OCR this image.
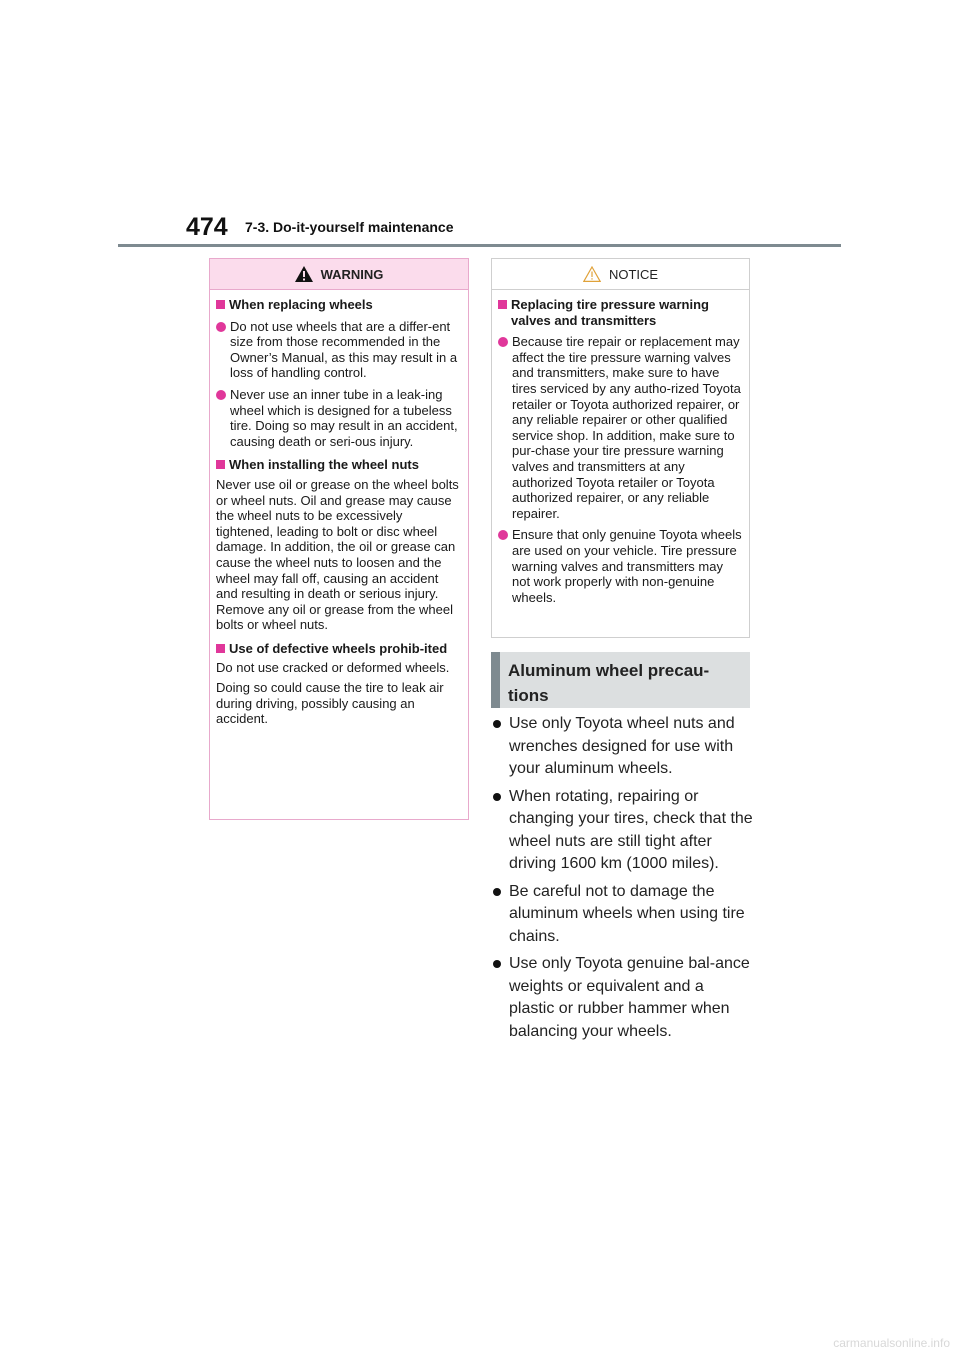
474 7-3. Do-it-yourself maintenance
WARNING
When replacing wheels
Do not use wheels that are a differ-ent size from those recommended in the Owner’s Manual, as this may result in a loss of handling control.
Never use an inner tube in a leak-ing wheel which is designed for a tubeless tire. Doing so may result in an accident, causing death or seri-ous injury.
When installing the wheel nuts
Never use oil or grease on the wheel bolts or wheel nuts. Oil and grease may cause the wheel nuts to be excessively tightened, leading to bolt or disc wheel damage. In addition, the oil or grease can cause the wheel nuts to loosen and the wheel may fall off, causing an accident and resulting in death or serious injury. Remove any oil or grease from the wheel bolts or wheel nuts.
Use of defective wheels prohib-ited
Do not use cracked or deformed wheels.
Doing so could cause the tire to leak air during driving, possibly causing an accident.
NOTICE
Replacing tire pressure warning valves and transmitters
Because tire repair or replacement may affect the tire pressure warning valves and transmitters, make sure to have tires serviced by any autho-rized Toyota retailer or Toyota authorized repairer, or any reliable repairer or other qualified service shop. In addition, make sure to pur-chase your tire pressure warning valves and transmitters at any authorized Toyota retailer or Toyota authorized repairer, or any reliable repairer.
Ensure that only genuine Toyota wheels are used on your vehicle. Tire pressure warning valves and transmitters may not work properly with non-genuine wheels.
Aluminum wheel precau-tions
Use only Toyota wheel nuts and wrenches designed for use with your aluminum wheels.
When rotating, repairing or changing your tires, check that the wheel nuts are still tight after driving 1600 km (1000 miles).
Be careful not to damage the aluminum wheels when using tire chains.
Use only Toyota genuine bal-ance weights or equivalent and a plastic or rubber hammer when balancing your wheels.
carmanualsonline.info
